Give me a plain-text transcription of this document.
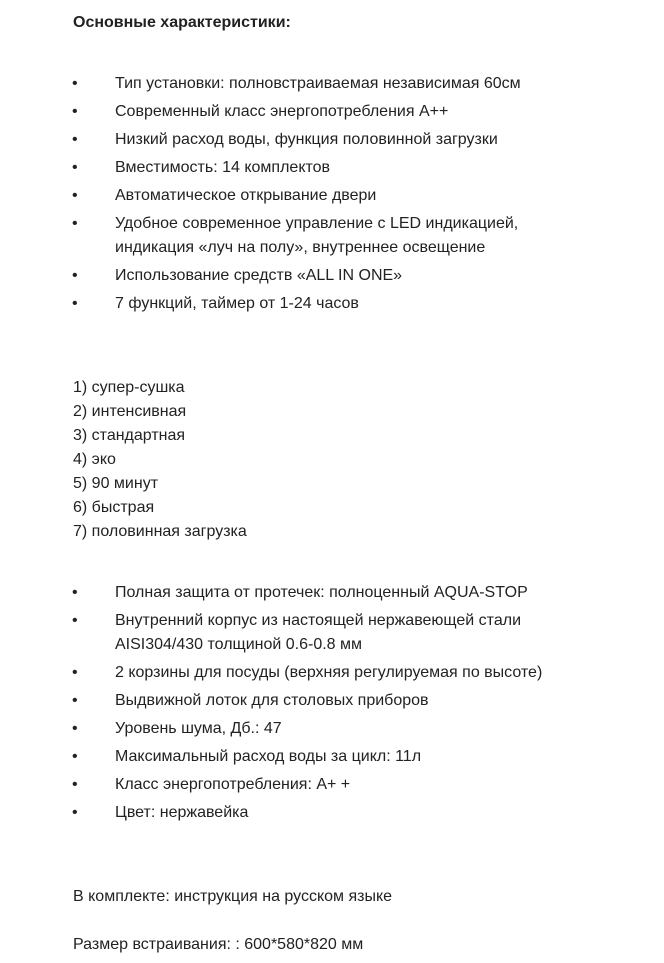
Основные характеристики:
• Тип установки: полновстраиваемая независимая 60см
• Современный класс энергопотребления А++
• Низкий расход воды, функция половинной загрузки
• Вместимость: 14 комплектов
• Автоматическое открывание двери
• Удобное современное управление с LED индикацией,
индикация «луч на полу», внутреннее освещение
• Использование средств «ALL IN ONE»
• 7 функций, таймер от 1-24 часов
1) супер-сушка
2) интенсивная
3) стандартная
4) эко
5) 90 минут
6) быстрая
7) половинная загрузка
• Полная защита от протечек: полноценный AQUA-STOP
• Внутренний корпус из настоящей нержавеющей стали
AISI304/430 толщиной 0.6-0.8 мм
• 2 корзины для посуды (верхняя регулируемая по высоте)
• Выдвижной лоток для столовых приборов
• Уровень шума, Дб.: 47
• Максимальный расход воды за цикл: 11л
• Класс энергопотребления: А+ +
• Цвет: нержавейка

В комплекте: инструкция на русском языке

Размер встраивания: : 600*580*820 мм
